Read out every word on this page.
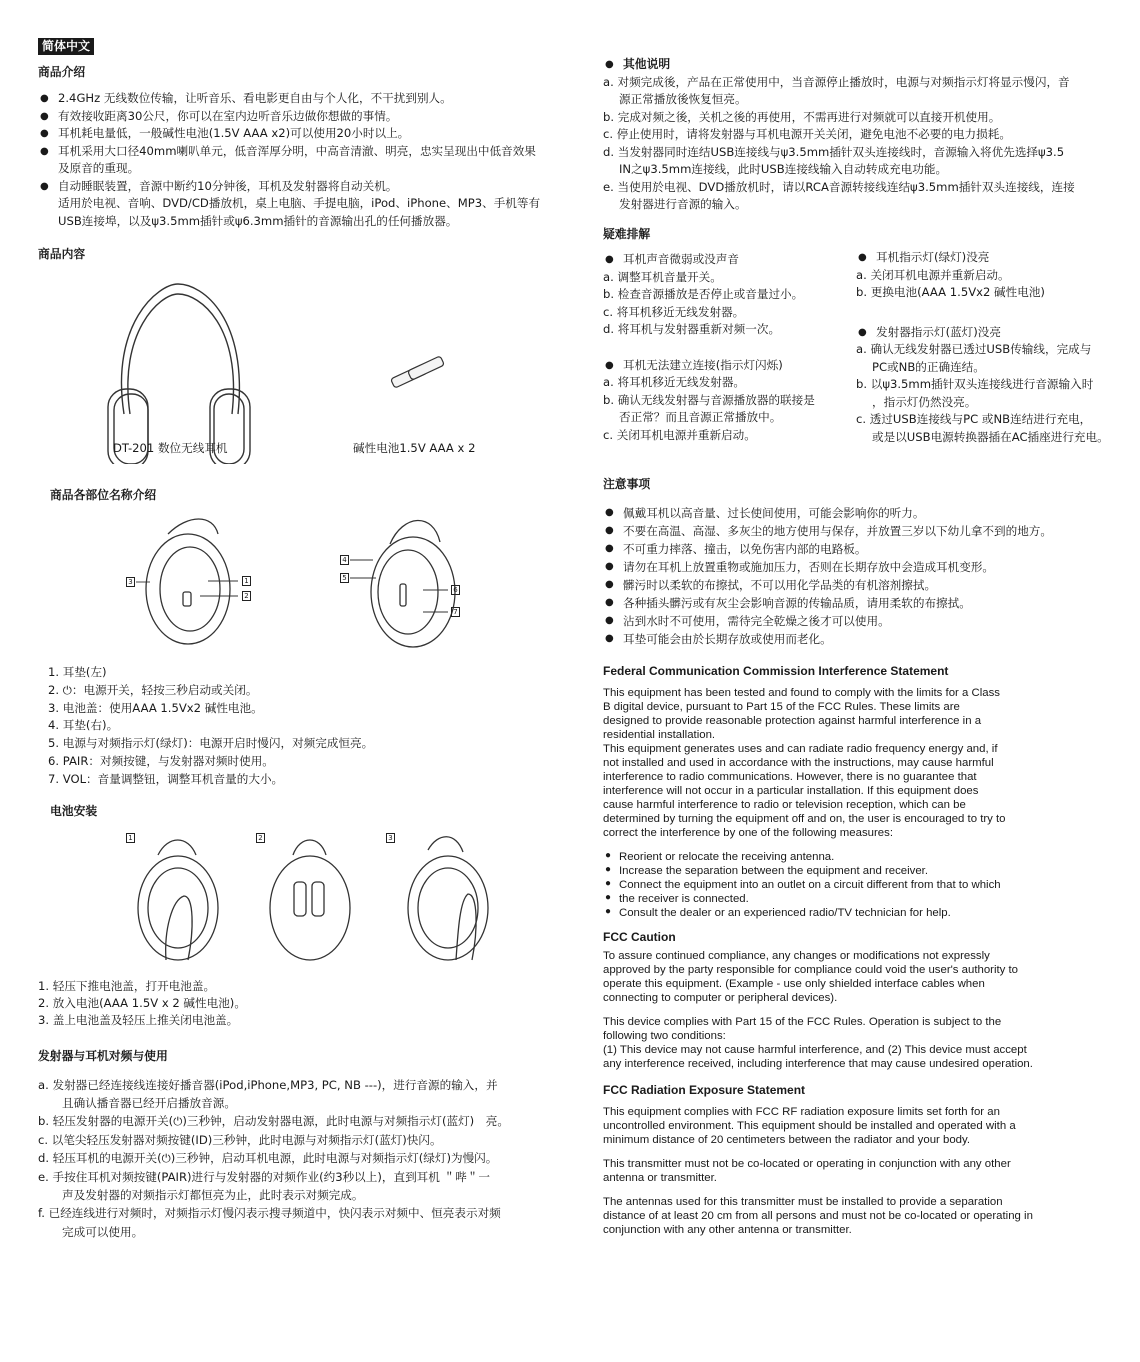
简体中文
商品介绍
● 2.4GHz 无线数位传输，让听音乐、看电影更自由与个人化，不干扰到别人。
● 有效接收距离30公尺，你可以在室内边听音乐边做你想做的事情。
● 耳机耗电量低，一般碱性电池(1.5V AAA x2)可以使用20小时以上。
● 耳机采用大口径40mm喇叭单元，低音浑厚分明，中高音清澈、明亮，忠实呈现出中低音效果
及原音的重现。
● 自动睡眠装置，音源中断约10分钟後，耳机及发射器将自动关机。
适用於电视、音响、DVD/CD播放机，桌上电脑、手提电脑，iPod、iPhone、MP3、手机等有
USB连接埠，以及ψ3.5mm插针或ψ6.3mm插针的音源输出孔的任何播放器。
商品内容
DT-201 数位无线耳机	碱性电池1.5V AAA x 2
商品各部位名称介绍
3	1
2
4
5
6
7
1. 耳垫(左)
2. ⏻：电源开关，轻按三秒启动或关闭。
3. 电池盖：使用AAA 1.5Vx2 碱性电池。
4. 耳垫(右)。
5. 电源与对频指示灯(绿灯)：电源开启时慢闪，对频完成恒亮。
6. PAIR：对频按键，与发射器对频时使用。
7. VOL：音量调整钮，调整耳机音量的大小。
电池安装
1	2	3
1. 轻压下推电池盖，打开电池盖。
2. 放入电池(AAA 1.5V x 2 碱性电池)。
3. 盖上电池盖及轻压上推关闭电池盖。
发射器与耳机对频与使用
a. 发射器已经连接线连接好播音器(iPod,iPhone,MP3, PC, NB ---)，进行音源的输入，并
且确认播音器已经开启播放音源。
b. 轻压发射器的电源开关(⏻)三秒钟，启动发射器电源，此时电源与对频指示灯(蓝灯)　亮。
c. 以笔尖轻压发射器对频按键(ID)三秒钟，此时电源与对频指示灯(蓝灯)快闪。
d. 轻压耳机的电源开关(⏻)三秒钟，启动耳机电源，此时电源与对频指示灯(绿灯)为慢闪。
e. 手按住耳机对频按键(PAIR)进行与发射器的对频作业(约3秒以上)，直到耳机 ＂哔＂一
声及发射器的对频指示灯都恒亮为止，此时表示对频完成。
f. 已经连线进行对频时，对频指示灯慢闪表示搜寻频道中，快闪表示对频中、恒亮表示对频
完成可以使用。
● 其他说明
a. 对频完成後，产品在正常使用中，当音源停止播放时，电源与对频指示灯将显示慢闪，音
源正常播放後恢复恒亮。
b. 完成对频之後，关机之後的再使用，不需再进行对频就可以直接开机使用。
c. 停止使用时，请将发射器与耳机电源开关关闭，避免电池不必要的电力损耗。
d. 当发射器同时连结USB连接线与ψ3.5mm插针双头连接线时，音源输入将优先选择ψ3.5
IN之ψ3.5mm连接线，此时USB连接线输入自动转成充电功能。
e. 当使用於电视、DVD播放机时，请以RCA音源转接线连结ψ3.5mm插针双头连接线，连接
发射器进行音源的输入。
疑难排解
● 耳机声音微弱或没声音
a. 调整耳机音量开关。
b. 检查音源播放是否停止或音量过小。
c. 将耳机移近无线发射器。
d. 将耳机与发射器重新对频一次。
● 耳机无法建立连接(指示灯闪烁)
a. 将耳机移近无线发射器。
b. 确认无线发射器与音源播放器的联接是
否正常？而且音源正常播放中。
c. 关闭耳机电源并重新启动。
● 耳机指示灯(绿灯)没亮
a. 关闭耳机电源并重新启动。
b. 更换电池(AAA 1.5Vx2 碱性电池)
● 发射器指示灯(蓝灯)没亮
a. 确认无线发射器已透过USB传输线，完成与
PC或NB的正确连结。
b. 以ψ3.5mm插针双头连接线进行音源输入时
，指示灯仍然没亮。
c. 透过USB连接线与PC 或NB连结进行充电，
或是以USB电源转换器插在AC插座进行充电。
注意事项
● 佩戴耳机以高音量、过长使间使用，可能会影响你的听力。
● 不要在高温、高湿、多灰尘的地方使用与保存，并放置三岁以下幼儿拿不到的地方。
● 不可重力摔落、撞击，以免伤害内部的电路板。
● 请勿在耳机上放置重物或施加压力，否则在长期存放中会造成耳机变形。
● 髒污时以柔软的布擦拭，不可以用化学品类的有机溶剂擦拭。
● 各种插头髒污或有灰尘会影响音源的传输品质，请用柔软的布擦拭。
● 沾到水时不可使用，需待完全乾燥之後才可以使用。
● 耳垫可能会由於长期存放或使用而老化。
Federal Communication Commission Interference Statement

This equipment has been tested and found to comply with the limits for a Class

B digital device, pursuant to Part 15 of the FCC Rules. These limits are

designed to provide reasonable protection against harmful interference in a

residential installation.

This equipment generates uses and can radiate radio frequency energy and, if

not installed and used in accordance with the instructions, may cause harmful

interference to radio communications. However, there is no guarantee that

interference will not occur in a particular installation. If this equipment does

cause harmful interference to radio or television reception, which can be

determined by turning the equipment off and on, the user is encouraged to try to

correct the interference by one of the following measures:

● Reorient or relocate the receiving antenna.
● Increase the separation between the equipment and receiver.
● Connect the equipment into an outlet on a circuit different from that to which
● the receiver is connected.
● Consult the dealer or an experienced radio/TV technician for help.
FCC Caution

To assure continued compliance, any changes or modifications not expressly

approved by the party responsible for compliance could void the user's authority to

operate this equipment. (Example - use only shielded interface cables when

connecting to computer or peripheral devices).

This device complies with Part 15 of the FCC Rules. Operation is subject to the

following two conditions:

(1) This device may not cause harmful interference, and (2) This device must accept

any interference received, including interference that may cause undesired operation.

FCC Radiation Exposure Statement

This equipment complies with FCC RF radiation exposure limits set forth for an

uncontrolled environment. This equipment should be installed and operated with a

minimum distance of 20 centimeters between the radiator and your body.

This transmitter must not be co-located or operating in conjunction with any other

antenna or transmitter.

The antennas used for this transmitter must be installed to provide a separation

distance of at least 20 cm from all persons and must not be co-located or operating in

conjunction with any other antenna or transmitter.
